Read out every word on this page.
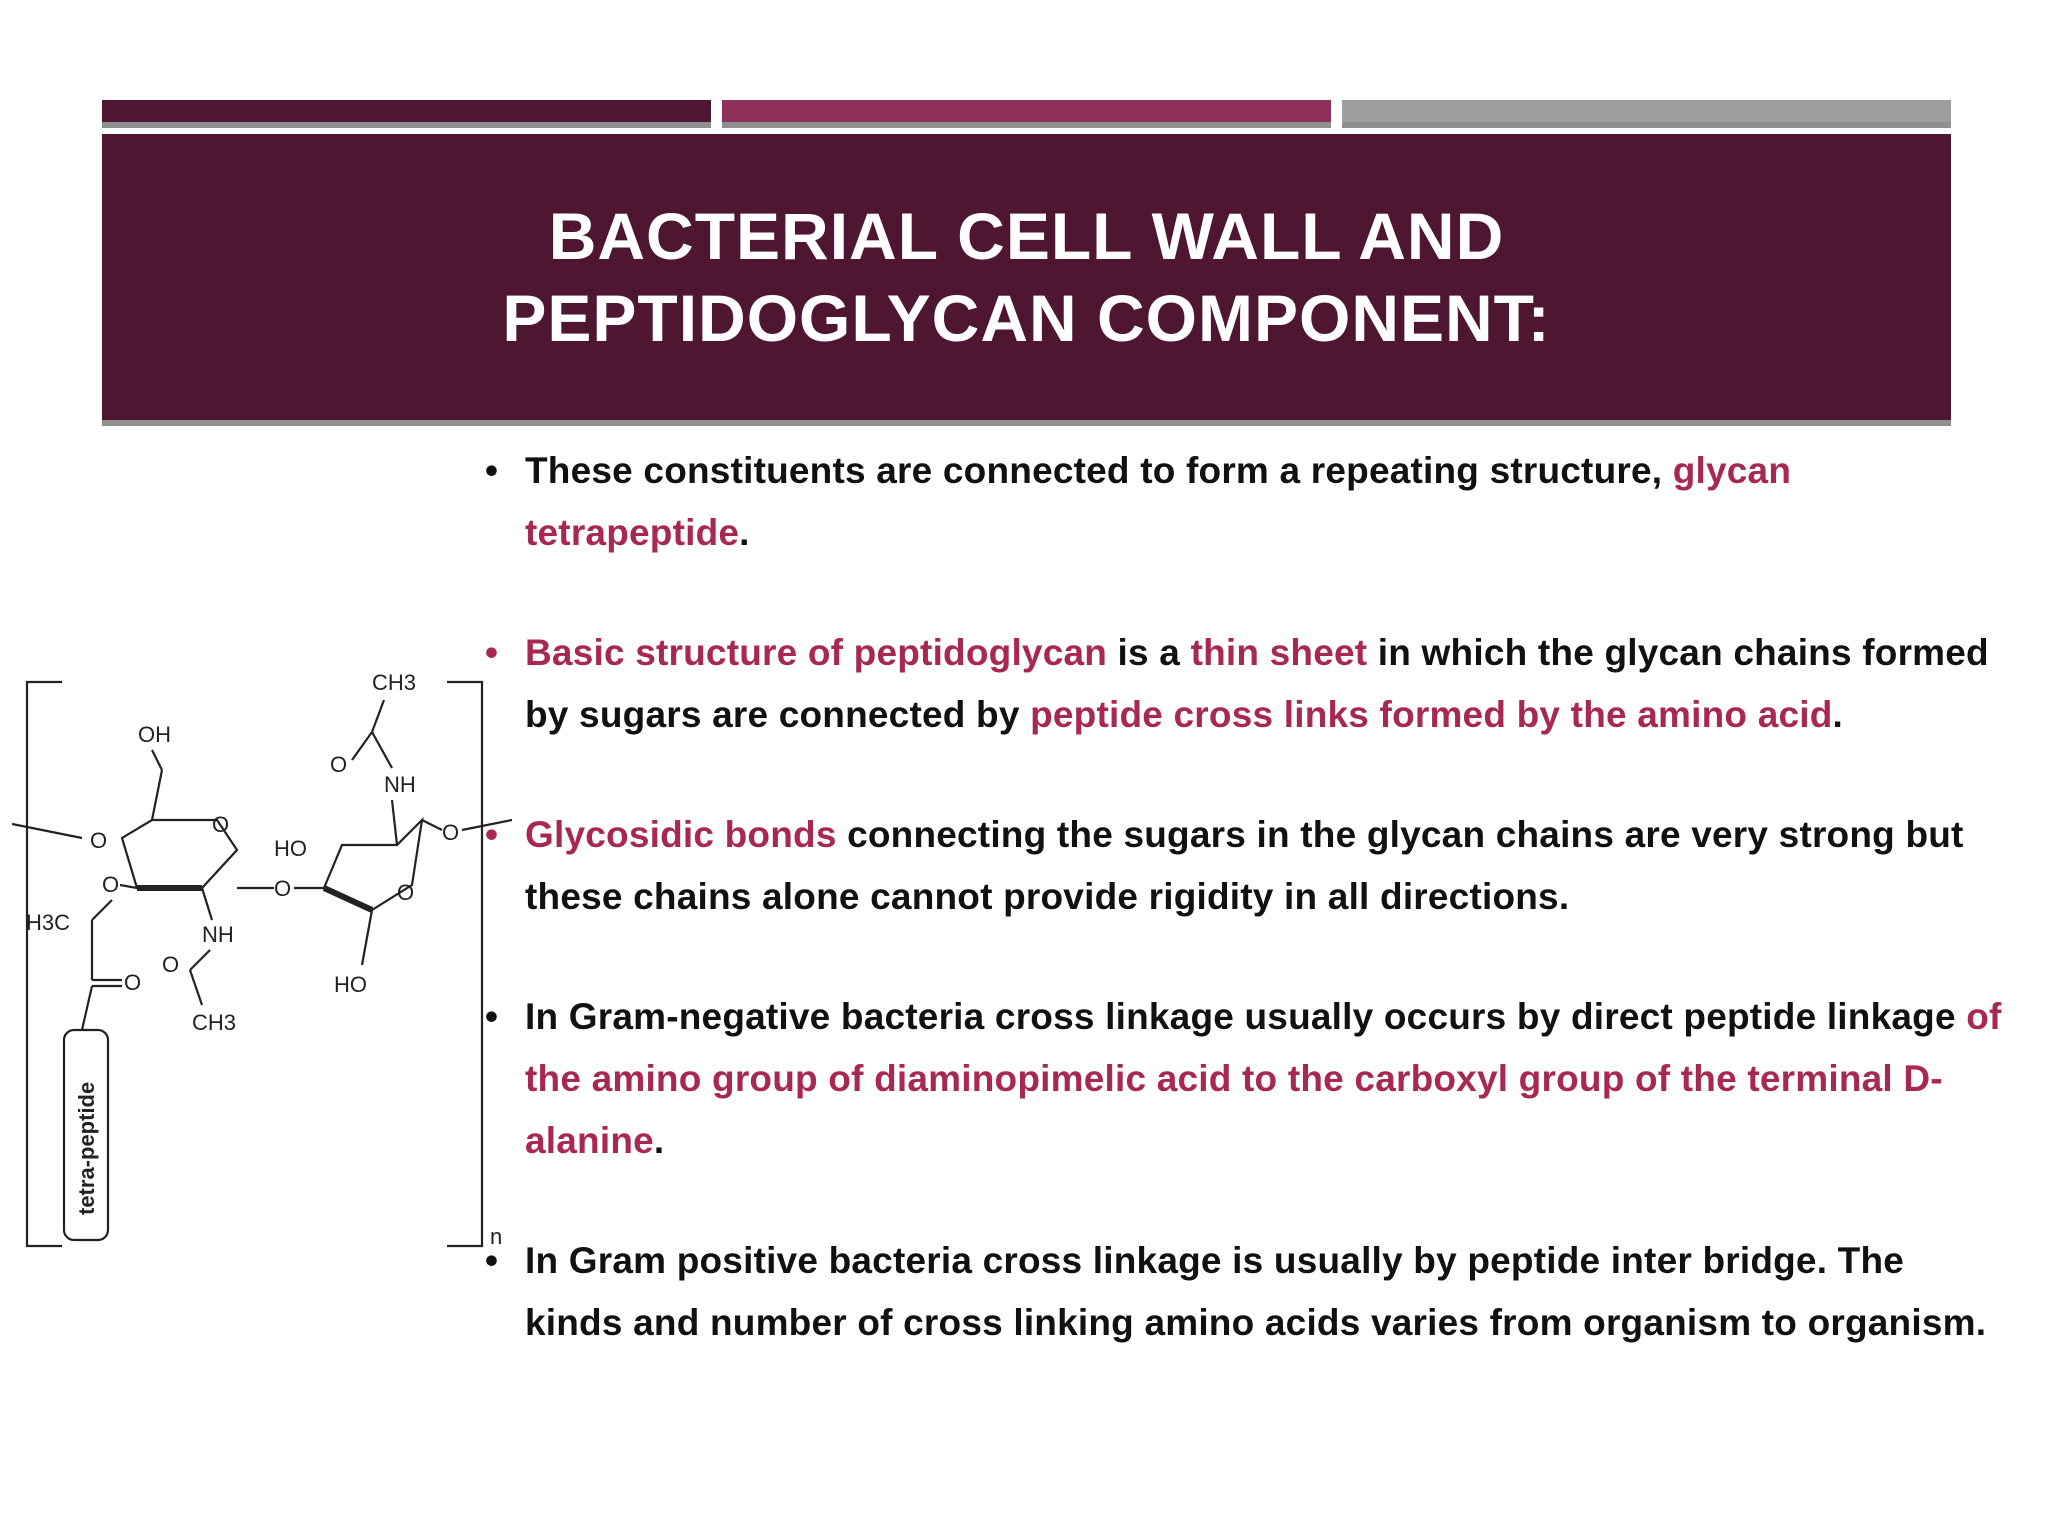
BACTERIAL CELL WALL AND
PEPTIDOGLYCAN COMPONENT:
n
OH
O
O
O
O
H3C
O
tetra-peptide
NH
O
CH3
O
HO
HO
NH
O
CH3
O
• These constituents are connected to form a repeating structure, glycan tetrapeptide.
• Basic structure of peptidoglycan is a thin sheet in which the glycan chains formed by sugars are connected by peptide cross links formed by the amino acid.
• Glycosidic bonds connecting the sugars in the glycan chains are very strong but these chains alone cannot provide rigidity in all directions.
• In Gram-negative bacteria cross linkage usually occurs by direct peptide linkage of the amino group of diaminopimelic acid to the carboxyl group of the terminal D-alanine.
• In Gram positive bacteria cross linkage is usually by peptide inter bridge. The kinds and number of cross linking amino acids varies from organism to organism.
